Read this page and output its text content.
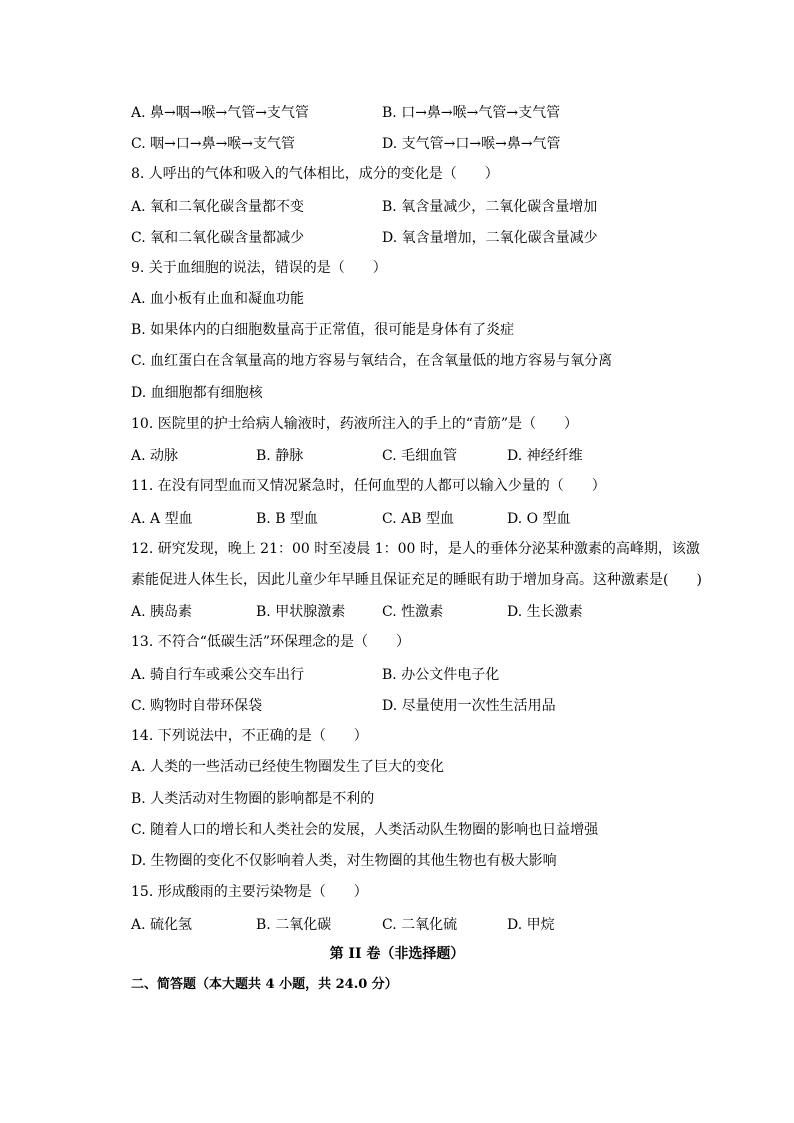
A. 鼻→咽→喉→气管→支气管	B. 口→鼻→喉→气管→支气管
C. 咽→口→鼻→喉→支气管	D. 支气管→口→喉→鼻→气管
8. 人呼出的气体和吸入的气体相比，成分的变化是（　　）
A. 氧和二氧化碳含量都不变	B. 氧含量减少，二氧化碳含量增加
C. 氧和二氧化碳含量都减少	D. 氧含量增加，二氧化碳含量减少
9. 关于血细胞的说法，错误的是（　　）
A. 血小板有止血和凝血功能
B. 如果体内的白细胞数量高于正常值，很可能是身体有了炎症
C. 血红蛋白在含氧量高的地方容易与氧结合，在含氧量低的地方容易与氧分离
D. 血细胞都有细胞核
10. 医院里的护士给病人输液时，药液所注入的手上的“青筋”是（　　）
A. 动脉	B. 静脉	C. 毛细血管	D. 神经纤维
11. 在没有同型血而又情况紧急时，任何血型的人都可以输入少量的（　　）
A. A 型血	B. B 型血	C. AB 型血	D. O 型血
12. 研究发现，晚上 21：00 时至凌晨 1：00 时，是人的垂体分泌某种激素的高峰期，该激
素能促进人体生长，因此儿童少年早睡且保证充足的睡眠有助于增加身高。这种激素是(　　)
A. 胰岛素	B. 甲状腺激素	C. 性激素	D. 生长激素
13. 不符合“低碳生活”环保理念的是（　　）
A. 骑自行车或乘公交车出行	B. 办公文件电子化
C. 购物时自带环保袋	D. 尽量使用一次性生活用品
14. 下列说法中，不正确的是（　　）
A. 人类的一些活动已经使生物圈发生了巨大的变化
B. 人类活动对生物圈的影响都是不利的
C. 随着人口的增长和人类社会的发展，人类活动队生物圈的影响也日益增强
D. 生物圈的变化不仅影响着人类，对生物圈的其他生物也有极大影响
15. 形成酸雨的主要污染物是（　　）
A. 硫化氢	B. 二氧化碳	C. 二氧化硫	D. 甲烷
第 II 卷（非选择题）
二、简答题（本大题共 4 小题，共 24.0 分）
